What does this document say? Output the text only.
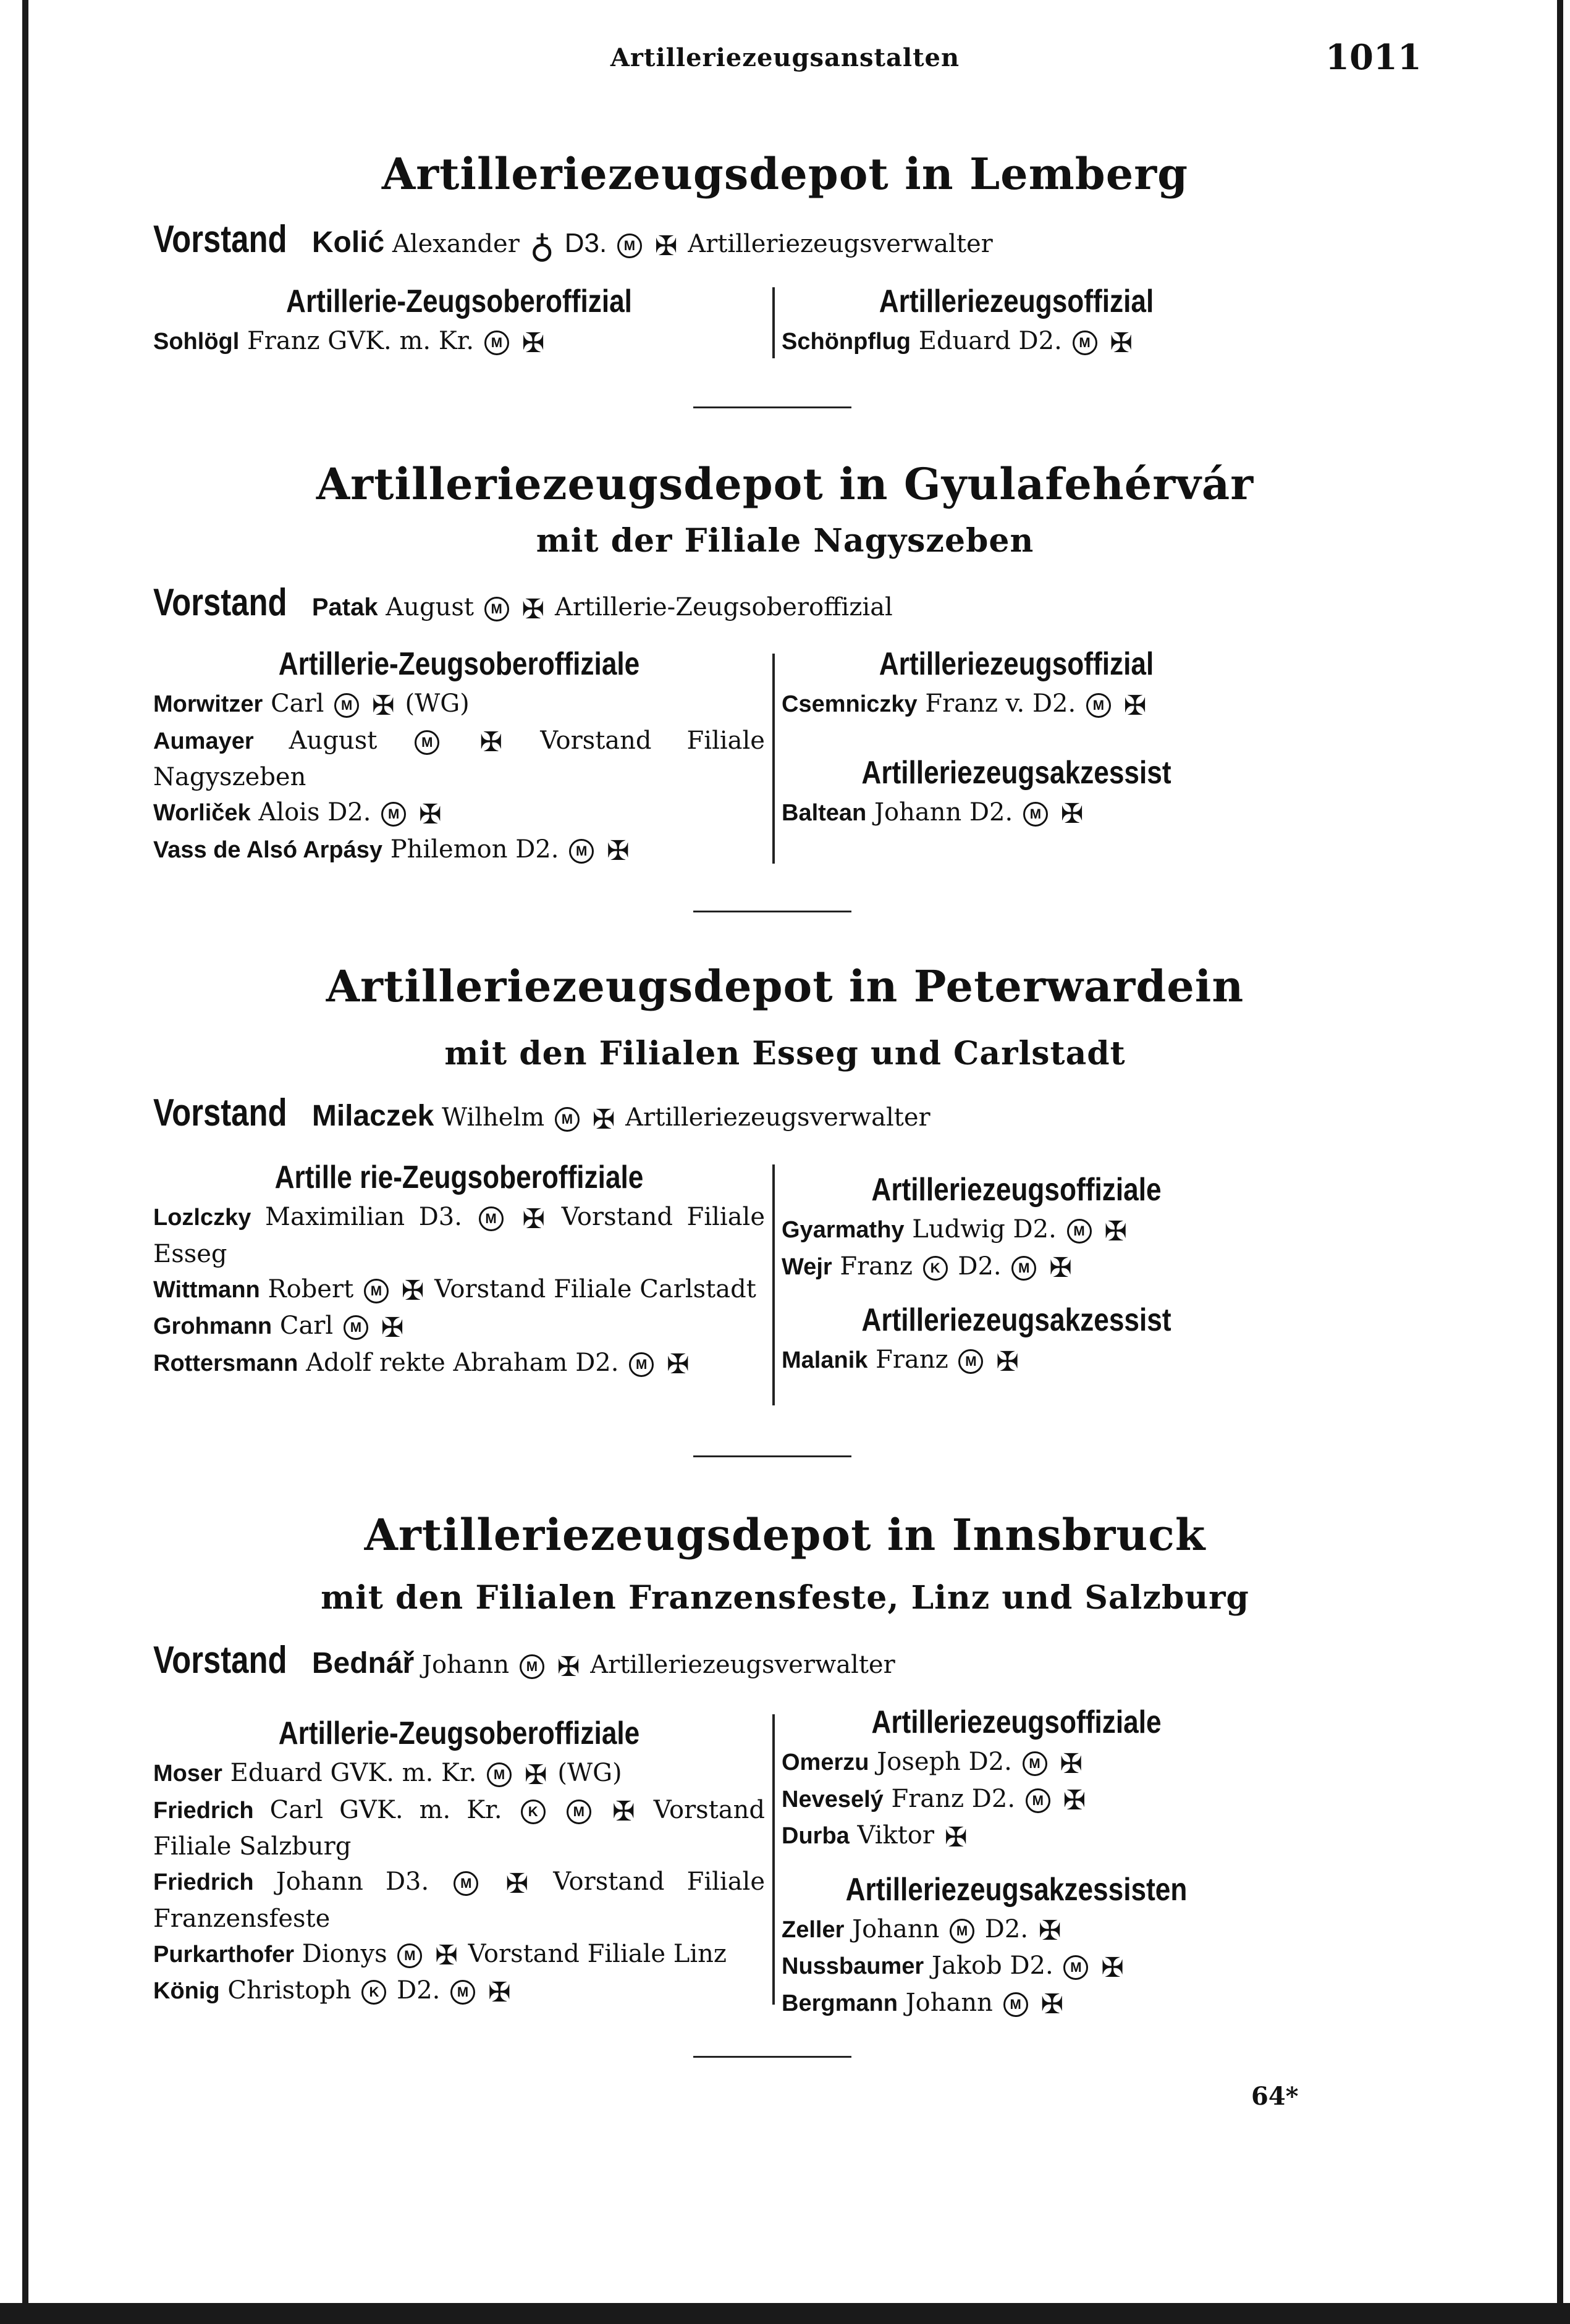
Artilleriezeugsanstalten	1011
Artilleriezeugsdepot in Lemberg
Vorstand Kolić Alexander ♁ D3. M ✠ Artilleriezeugsverwalter
Artillerie-Zeugsoberoffizial
Sohlögl Franz GVK. m. Kr. M ✠
Artilleriezeugsoffizial
Schönpflug Eduard D2. M ✠
Artilleriezeugsdepot in Gyulafehérvár
mit der Filiale Nagyszeben
Vorstand Patak August M ✠ Artillerie-Zeugsoberoffizial
Artillerie-Zeugsoberoffiziale
Morwitzer Carl M ✠ (WG)
Aumayer August	M ✠ Vorstand Filiale Nagyszeben
Worliček Alois D2. M ✠
Vass de Alsó Arpásy Philemon D2. M ✠
Artilleriezeugsoffizial
Csemniczky Franz v. D2. M ✠
Artilleriezeugsakzessist
Baltean Johann D2. M ✠
Artilleriezeugsdepot in Peterwardein
mit den Filialen Esseg und Carlstadt
Vorstand Milaczek Wilhelm M ✠ Artilleriezeugsverwalter
Artille rie-Zeugsoberoffiziale
Lozlczky Maximilian D3. M ✠ Vorstand Filiale Esseg
Wittmann Robert M ✠ Vorstand Filiale Carlstadt
Grohmann Carl M ✠
Rottersmann Adolf rekte Abraham D2. M ✠
Artilleriezeugsoffiziale
Gyarmathy Ludwig D2. M ✠
Wejr Franz K D2. M ✠
Artilleriezeugsakzessist
Malanik Franz M ✠
Artilleriezeugsdepot in Innsbruck
mit den Filialen Franzensfeste, Linz und Salzburg
Vorstand Bednář Johann M ✠ Artilleriezeugsverwalter
Artillerie-Zeugsoberoffiziale
Moser Eduard GVK. m. Kr. M ✠ (WG)
Friedrich Carl GVK. m. Kr. K	M ✠ Vorstand Filiale Salzburg
Friedrich Johann D3. M ✠ Vorstand Filiale Franzensfeste
Purkarthofer Dionys M ✠ Vorstand Filiale Linz
König Christoph K D2. M ✠
Artilleriezeugsoffiziale
Omerzu Joseph D2. M ✠
Neveselý Franz D2. M ✠
Durba Viktor ✠
Artilleriezeugsakzessisten
Zeller Johann M D2. ✠
Nussbaumer Jakob D2. M ✠
Bergmann Johann M ✠
64*
